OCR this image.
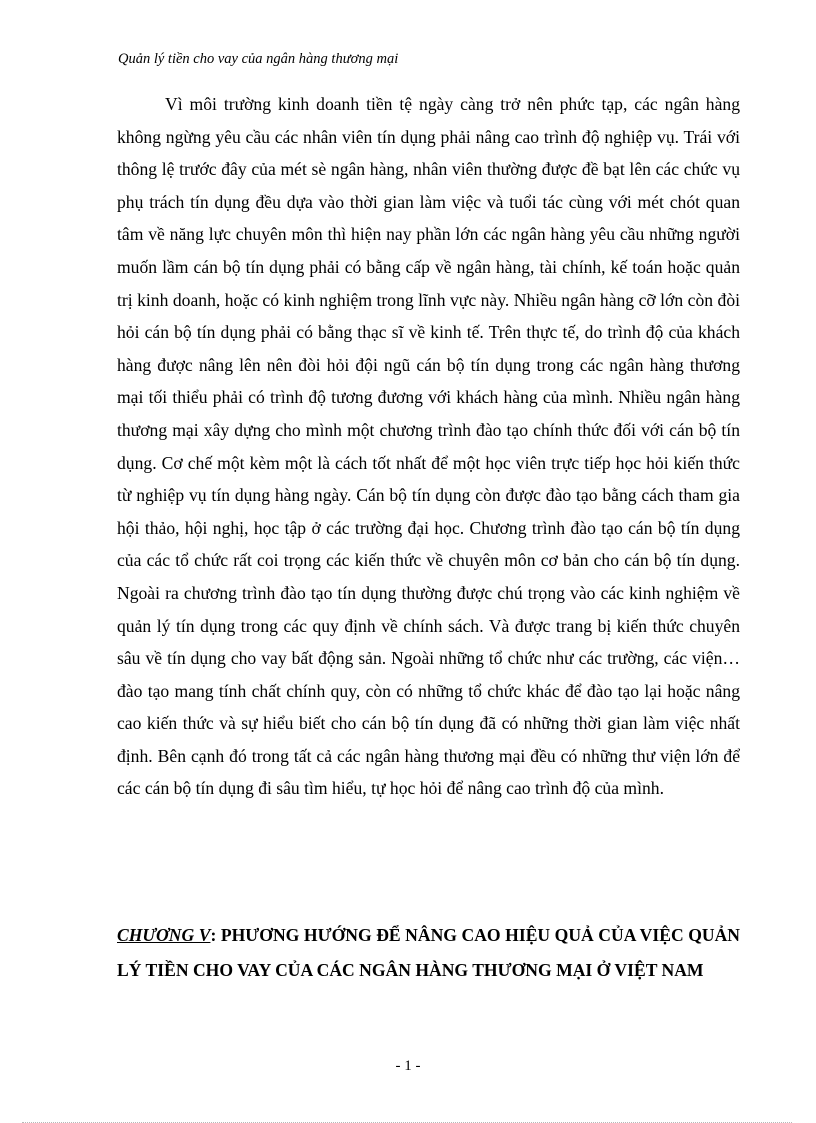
Quản lý tiền cho vay của ngân hàng thương mại

Vì môi trường kinh doanh tiền tệ ngày càng trở nên phức tạp, các ngân hàng không ngừng yêu cầu các nhân viên tín dụng phải nâng cao trình độ nghiệp vụ. Trái với thông lệ trước đây của mét sè ngân hàng, nhân viên thường được đề bạt lên các chức vụ phụ trách tín dụng đều dựa vào thời gian làm việc và tuổi tác cùng với mét chót quan tâm về năng lực chuyên môn thì hiện nay phần lớn các ngân hàng yêu cầu những người muốn lầm cán bộ tín dụng phải có bằng cấp về ngân hàng, tài chính, kế toán hoặc quản trị kinh doanh, hoặc có kinh nghiệm trong lĩnh vực này. Nhiều ngân hàng cỡ lớn còn đòi hỏi cán bộ tín dụng phải có bằng thạc sĩ về kinh tế. Trên thực tế, do trình độ của khách hàng được nâng lên nên đòi hỏi đội ngũ cán bộ tín dụng trong các ngân hàng thương mại tối thiểu phải có trình độ tương đương với khách hàng của mình. Nhiều ngân hàng thương mại xây dựng cho mình một chương trình đào tạo chính thức đối với cán bộ tín dụng. Cơ chế một kèm một là cách tốt nhất để một học viên trực tiếp học hỏi kiến thức từ nghiệp vụ tín dụng hàng ngày. Cán bộ tín dụng còn được đào tạo bằng cách tham gia hội thảo, hội nghị, học tập ở các trường đại học. Chương trình đào tạo cán bộ tín dụng của các tổ chức rất coi trọng các kiến thức về chuyên môn cơ bản cho cán bộ tín dụng. Ngoài ra chương trình đào tạo tín dụng thường được chú trọng vào các kinh nghiệm về quản lý tín dụng trong các quy định về chính sách. Và được trang bị kiến thức chuyên sâu về tín dụng cho vay bất động sản. Ngoài những tổ chức như các trường, các viện… đào tạo mang tính chất chính quy, còn có những tổ chức khác để đào tạo lại hoặc nâng cao kiến thức và sự hiểu biết cho cán bộ tín dụng đã có những thời gian làm việc nhất định. Bên cạnh đó trong tất cả các ngân hàng thương mại đều có những thư viện lớn để các cán bộ tín dụng đi sâu tìm hiểu, tự học hỏi để nâng cao trình độ của mình.

CHƯƠNG V: PHƯƠNG HƯỚNG ĐỂ NÂNG CAO HIỆU QUẢ CỦA VIỆC QUẢN LÝ TIỀN CHO VAY CỦA CÁC NGÂN HÀNG THƯƠNG MẠI Ở VIỆT NAM

- 1 -
